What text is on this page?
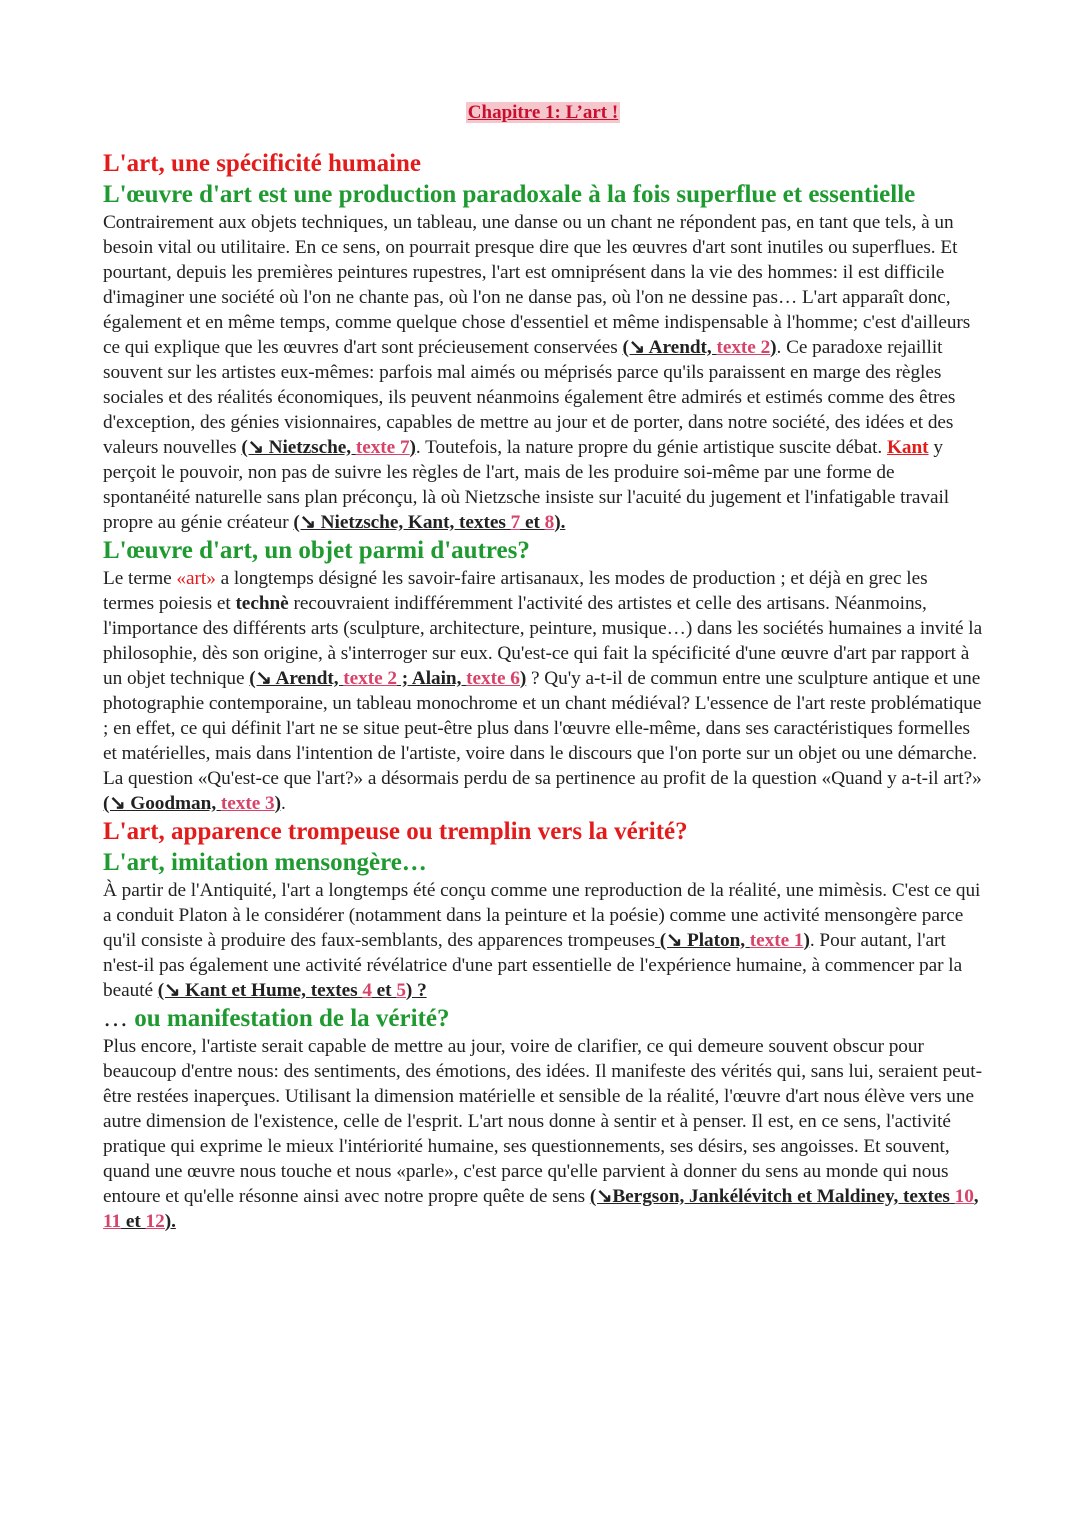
Chapitre 1: L’art !
L'art, une spécificité humaine
L'œuvre d'art est une production paradoxale à la fois superflue et essentielle

Contrairement aux objets techniques, un tableau, une danse ou un chant ne répondent pas, en tant que tels, à un besoin vital ou utilitaire. En ce sens, on pourrait presque dire que les œuvres d'art sont inutiles ou superflues. Et pourtant, depuis les premières peintures rupestres, l'art est omniprésent dans la vie des hommes: il est difficile d'imaginer une société où l'on ne chante pas, où l'on ne danse pas, où l'on ne dessine pas… L'art apparaît donc, également et en même temps, comme quelque chose d'essentiel et même indispensable à l'homme; c'est d'ailleurs ce qui explique que les œuvres d'art sont précieusement conservées (↘ Arendt, texte 2). Ce paradoxe rejaillit souvent sur les artistes eux-mêmes: parfois mal aimés ou méprisés parce qu'ils paraissent en marge des règles sociales et des réalités économiques, ils peuvent néanmoins également être admirés et estimés comme des êtres d'exception, des génies visionnaires, capables de mettre au jour et de porter, dans notre société, des idées et des valeurs nouvelles (↘ Nietzsche, texte 7). Toutefois, la nature propre du génie artistique suscite débat. Kant y perçoit le pouvoir, non pas de suivre les règles de l'art, mais de les produire soi-même par une forme de spontanéité naturelle sans plan préconçu, là où Nietzsche insiste sur l'acuité du jugement et l'infatigable travail propre au génie créateur (↘ Nietzsche, Kant, textes 7 et 8).

L'œuvre d'art, un objet parmi d'autres?

Le terme «art» a longtemps désigné les savoir-faire artisanaux, les modes de production ; et déjà en grec les termes poiesis et technè recouvraient indifféremment l'activité des artistes et celle des artisans. Néanmoins, l'importance des différents arts (sculpture, architecture, peinture, musique…) dans les sociétés humaines a invité la philosophie, dès son origine, à s'interroger sur eux. Qu'est-ce qui fait la spécificité d'une œuvre d'art par rapport à un objet technique (↘ Arendt, texte 2 ; Alain, texte 6) ? Qu'y a-t-il de commun entre une sculpture antique et une photographie contemporaine, un tableau monochrome et un chant médiéval? L'essence de l'art reste problématique ; en effet, ce qui définit l'art ne se situe peut-être plus dans l'œuvre elle-même, dans ses caractéristiques formelles et matérielles, mais dans l'intention de l'artiste, voire dans le discours que l'on porte sur un objet ou une démarche. La question «Qu'est-ce que l'art?» a désormais perdu de sa pertinence au profit de la question «Quand y a-t-il art?» (↘ Goodman, texte 3).

L'art, apparence trompeuse ou tremplin vers la vérité?
L'art, imitation mensongère…

À partir de l'Antiquité, l'art a longtemps été conçu comme une reproduction de la réalité, une mimèsis. C'est ce qui a conduit Platon à le considérer (notamment dans la peinture et la poésie) comme une activité mensongère parce qu'il consiste à produire des faux-semblants, des apparences trompeuses (↘ Platon, texte 1). Pour autant, l'art n'est-il pas également une activité révélatrice d'une part essentielle de l'expérience humaine, à commencer par la beauté (↘ Kant et Hume, textes 4 et 5) ?

… ou manifestation de la vérité?

Plus encore, l'artiste serait capable de mettre au jour, voire de clarifier, ce qui demeure souvent obscur pour beaucoup d'entre nous: des sentiments, des émotions, des idées. Il manifeste des vérités qui, sans lui, seraient peut-être restées inaperçues. Utilisant la dimension matérielle et sensible de la réalité, l'œuvre d'art nous élève vers une autre dimension de l'existence, celle de l'esprit. L'art nous donne à sentir et à penser. Il est, en ce sens, l'activité pratique qui exprime le mieux l'intériorité humaine, ses questionnements, ses désirs, ses angoisses. Et souvent, quand une œuvre nous touche et nous «parle», c'est parce qu'elle parvient à donner du sens au monde qui nous entoure et qu'elle résonne ainsi avec notre propre quête de sens (↘Bergson, Jankélévitch et Maldiney, textes 10, 11 et 12).
